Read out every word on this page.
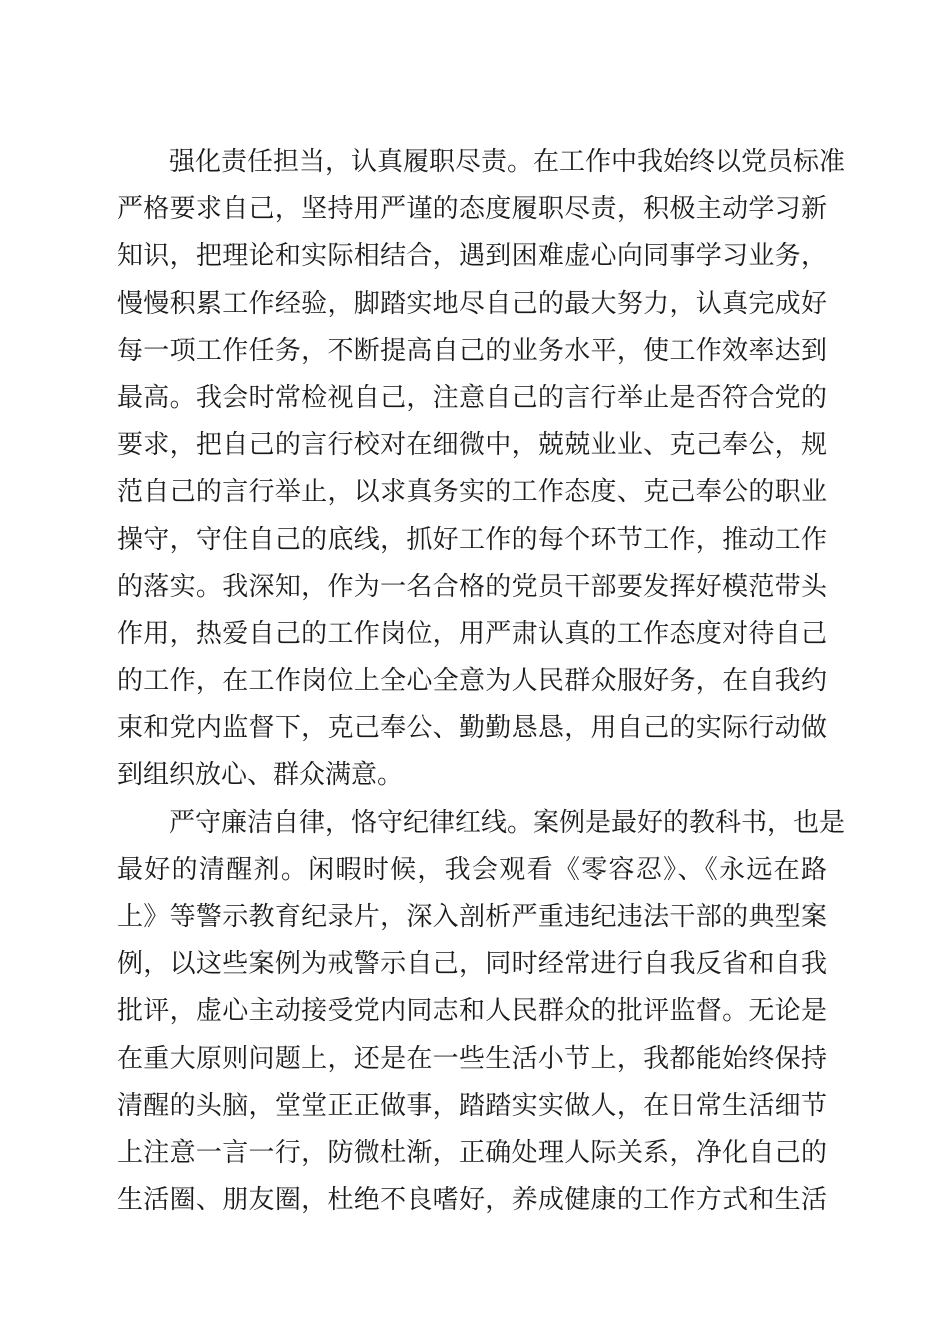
　　强化责任担当，认真履职尽责。在工作中我始终以党员标准
严格要求自己，坚持用严谨的态度履职尽责，积极主动学习新
知识，把理论和实际相结合，遇到困难虚心向同事学习业务，
慢慢积累工作经验，脚踏实地尽自己的最大努力，认真完成好
每一项工作任务，不断提高自己的业务水平，使工作效率达到
最高。我会时常检视自己，注意自己的言行举止是否符合党的
要求，把自己的言行校对在细微中，兢兢业业、克己奉公，规
范自己的言行举止，以求真务实的工作态度、克己奉公的职业
操守，守住自己的底线，抓好工作的每个环节工作，推动工作
的落实。我深知，作为一名合格的党员干部要发挥好模范带头
作用，热爱自己的工作岗位，用严肃认真的工作态度对待自己
的工作，在工作岗位上全心全意为人民群众服好务，在自我约
束和党内监督下，克己奉公、勤勤恳恳，用自己的实际行动做
到组织放心、群众满意。
　　严守廉洁自律，恪守纪律红线。案例是最好的教科书，也是
最好的清醒剂。闲暇时候，我会观看《零容忍》、《永远在路
上》等警示教育纪录片，深入剖析严重违纪违法干部的典型案
例，以这些案例为戒警示自己，同时经常进行自我反省和自我
批评，虚心主动接受党内同志和人民群众的批评监督。无论是
在重大原则问题上，还是在一些生活小节上，我都能始终保持
清醒的头脑，堂堂正正做事，踏踏实实做人，在日常生活细节
上注意一言一行，防微杜渐，正确处理人际关系，净化自己的
生活圈、朋友圈，杜绝不良嗜好，养成健康的工作方式和生活
